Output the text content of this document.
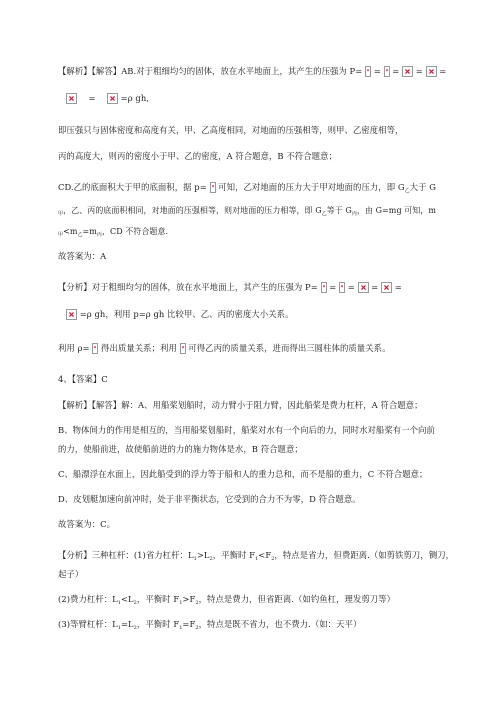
【解析】【解答】AB.对于粗细均匀的固体，放在水平地面上，其产生的压强为 P= = = = =
=	=ρ gh,
即压强只与固体密度和高度有关，甲、乙高度相同，对地面的压强相等，则甲、乙密度相等，
丙的高度大，则丙的密度小于甲、乙的密度，A 符合题意，B 不符合题意；
CD.乙的底面积大于甲的底面积，据 p= 可知，乙对地面的压力大于甲对地面的压力，即 $G_乙$大于 G
$_甲$，乙、丙的底面积相同，对地面的压强相等，则对地面的压力相等，即 $G_乙$等于 $G_丙$，由 G=mg 可知，m
$_甲<m_乙=m_丙$，CD 不符合题意.
故答案为：A
【分析】对于粗细均匀的固体，放在水平地面上，其产生的压强为 P= = = = =
=ρ gh，利用 p=ρ gh 比较甲、乙、丙的密度大小关系。
利用 ρ= 得出质量关系；利用 可得乙丙的质量关系，进而得出三圆柱体的质量关系。
4、【答案】C
【解析】【解答】解：A、用船桨划船时，动力臂小于阻力臂，因此船桨是费力杠杆，A 符合题意；
B、物体间力的作用是相互的，当用船桨划船时，船桨对水有一个向后的力，同时水对船桨有一个向前
的力，使船前进，故使船前进的力的施力物体是水，B 符合题意；
C、船漂浮在水面上，因此船受到的浮力等于船和人的重力总和，而不是船的重力，C 不符合题意；
D、皮划艇加速向前冲时，处于非平衡状态，它受到的合力不为零，D 符合题意。
故答案为：C。
【分析】三种杠杆：(1)省力杠杆：$L_1>L_2$，平衡时 $F_1<F_2$，特点是省力，但费距离.（如剪铁剪刀，铡刀，
起子）
(2)费力杠杆：$L_1<L_2$，平衡时 $F_1>F_2$，特点是费力，但省距离.（如钓鱼杠，理发剪刀等）
(3)等臂杠杆：$L_1=L_2$，平衡时 $F_1=F_2$，特点是既不省力，也不费力.（如：天平）
